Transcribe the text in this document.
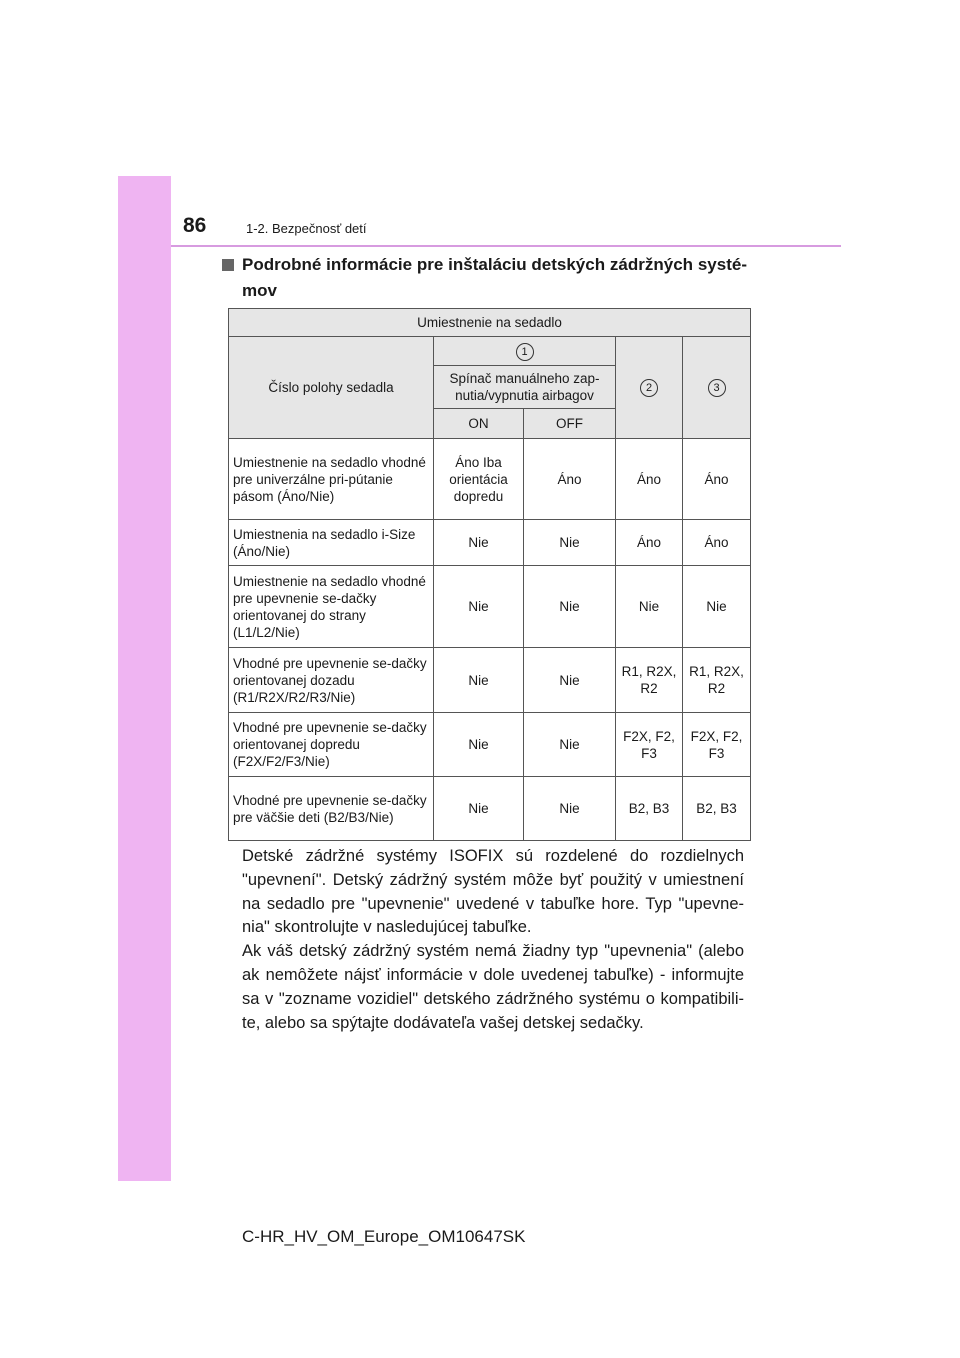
86	1-2. Bezpečnosť detí
Podrobné informácie pre inštaláciu detských zádržných systé-mov
Umiestnenie na sedadlo				
Číslo polohy sedadla	1		2	3
	Spínač manuálneho zap-nutia/vypnutia airbagov			
	ON	OFF		
Umiestnenie na sedadlo vhodné pre univerzálne pri-pútanie pásom (Áno/Nie)	Áno Iba orientácia dopredu	Áno	Áno	Áno
Umiestnenia na sedadlo i-Size (Áno/Nie)	Nie	Nie	Áno	Áno
Umiestnenie na sedadlo vhodné pre upevnenie se-dačky orientovanej do strany (L1/L2/Nie)	Nie	Nie	Nie	Nie
Vhodné pre upevnenie se-dačky orientovanej dozadu (R1/R2X/R2/R3/Nie)	Nie	Nie	R1, R2X, R2	R1, R2X, R2
Vhodné pre upevnenie se-dačky orientovanej dopredu (F2X/F2/F3/Nie)	Nie	Nie	F2X, F2, F3	F2X, F2, F3
Vhodné pre upevnenie se-dačky pre väčšie deti (B2/B3/Nie)	Nie	Nie	B2, B3	B2, B3

Detské zádržné systémy ISOFIX sú rozdelené do rozdielnych "upevnení". Detský zádržný systém môže byť použitý v umiestnení na sedadlo pre "upevnenie" uvedené v tabuľke hore. Typ "upevne-nia" skontrolujte v nasledujúcej tabuľke.

Ak váš detský zádržný systém nemá žiadny typ "upevnenia" (alebo ak nemôžete nájsť informácie v dole uvedenej tabuľke) - informujte sa v "zozname vozidiel" detského zádržného systému o kompatibili-te, alebo sa spýtajte dodávateľa vašej detskej sedačky.

C-HR_HV_OM_Europe_OM10647SK
